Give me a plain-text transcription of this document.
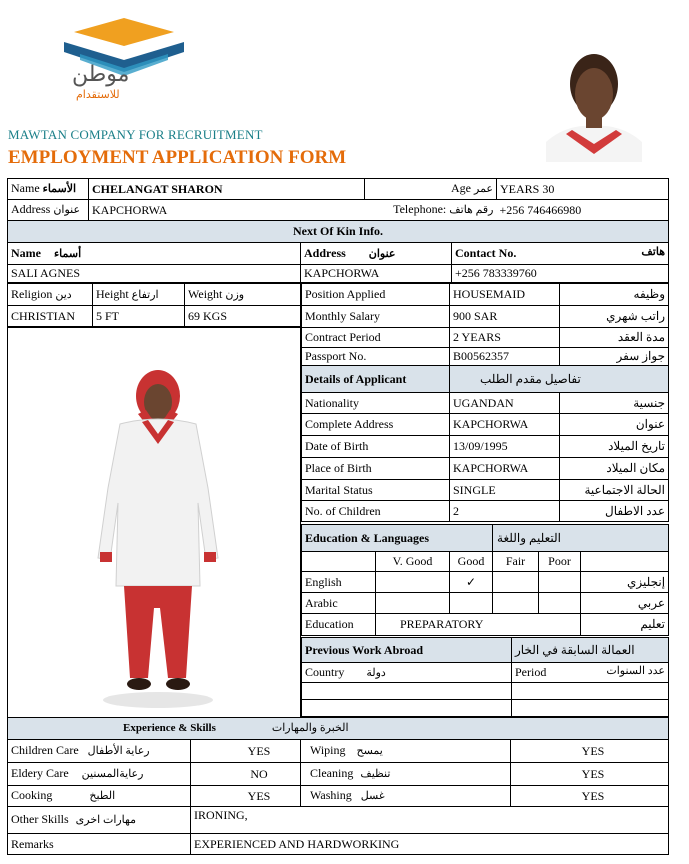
موطن
للاستقدام
MAWTAN COMPANY FOR RECRUITMENT
EMPLOYMENT APPLICATION FORM
Name الأسماء	CHELANGAT SHARON	Age عمر	YEARS 30
Address عنوان	KAPCHORWA	Telephone: رقم هاتف	+256 746466980
Next Of Kin Info.			
Name أسماء	Address عنوان	Contact No. هاتف

SALI AGNES	KAPCHORWA	+256 783339760
Religion دين	Height ارتفاع	Weight وزن
CHRISTIAN	5 FT	69 KGS
Position Applied	HOUSEMAID	وظيفه
Monthly Salary	900 SAR	راتب شهري
Contract Period	2 YEARS	مدة العقد
Passport No.	B00562357	جواز سفر
Details of Applicant	تفاصيل مقدم الطلب	
Nationality	UGANDAN	جنسية
Complete Address	KAPCHORWA	عنوان
Date of Birth	13/09/1995	تاريخ الميلاد
Place of Birth	KAPCHORWA	مكان الميلاد
Marital Status	SINGLE	الحالة الاجتماعية
No. of Children	2	عدد الاطفال
Education & Languages			التعليم واللغة		
	V. Good	Good	Fair	Poor	
English		✓			إنجليزي
Arabic					عربي
Education	PREPARATORY				تعليم
Previous Work Abroad	العمالة السابقة في الخار
Country دولة	Period عدد السنوات

Experience & Skills الخبرة والمهارات			
Children Care رعاية الأطفال	YES	Wiping يمسح	YES
Eldery Care رعايةالمسنين	NO	Cleaning تنظيف	YES
Cooking الطبخ	YES	Washing غسل	YES
Other Skills مهارات اخرى	IRONING,		
Remarks	EXPERIENCED AND HARDWORKING		
